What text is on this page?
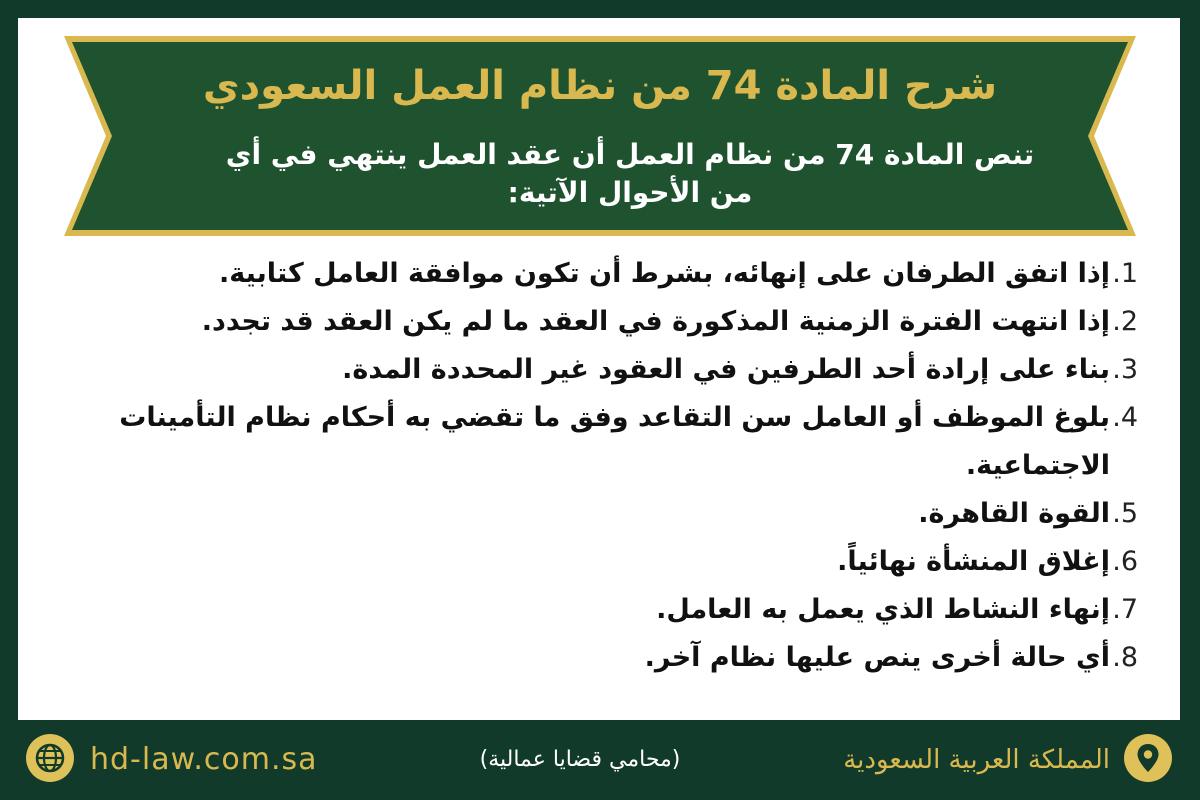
شرح المادة 74 من نظام العمل السعودي
تنص المادة 74 من نظام العمل أن عقد العمل ينتهي في أي من الأحوال الآتية:
1.
إذا اتفق الطرفان على إنهائه، بشرط أن تكون موافقة العامل كتابية.
2.
إذا انتهت الفترة الزمنية المذكورة في العقد ما لم يكن العقد قد تجدد.
3.
بناء على إرادة أحد الطرفين في العقود غير المحددة المدة.
4.
بلوغ الموظف أو العامل سن التقاعد وفق ما تقضي به أحكام نظام التأمينات الاجتماعية.
5.
القوة القاهرة.
6.
إغلاق المنشأة نهائياً.
7.
إنهاء النشاط الذي يعمل به العامل.
8.
أي حالة أخرى ينص عليها نظام آخر.
hd-law.com.sa	(محامي قضايا عمالية)	المملكة العربية السعودية
